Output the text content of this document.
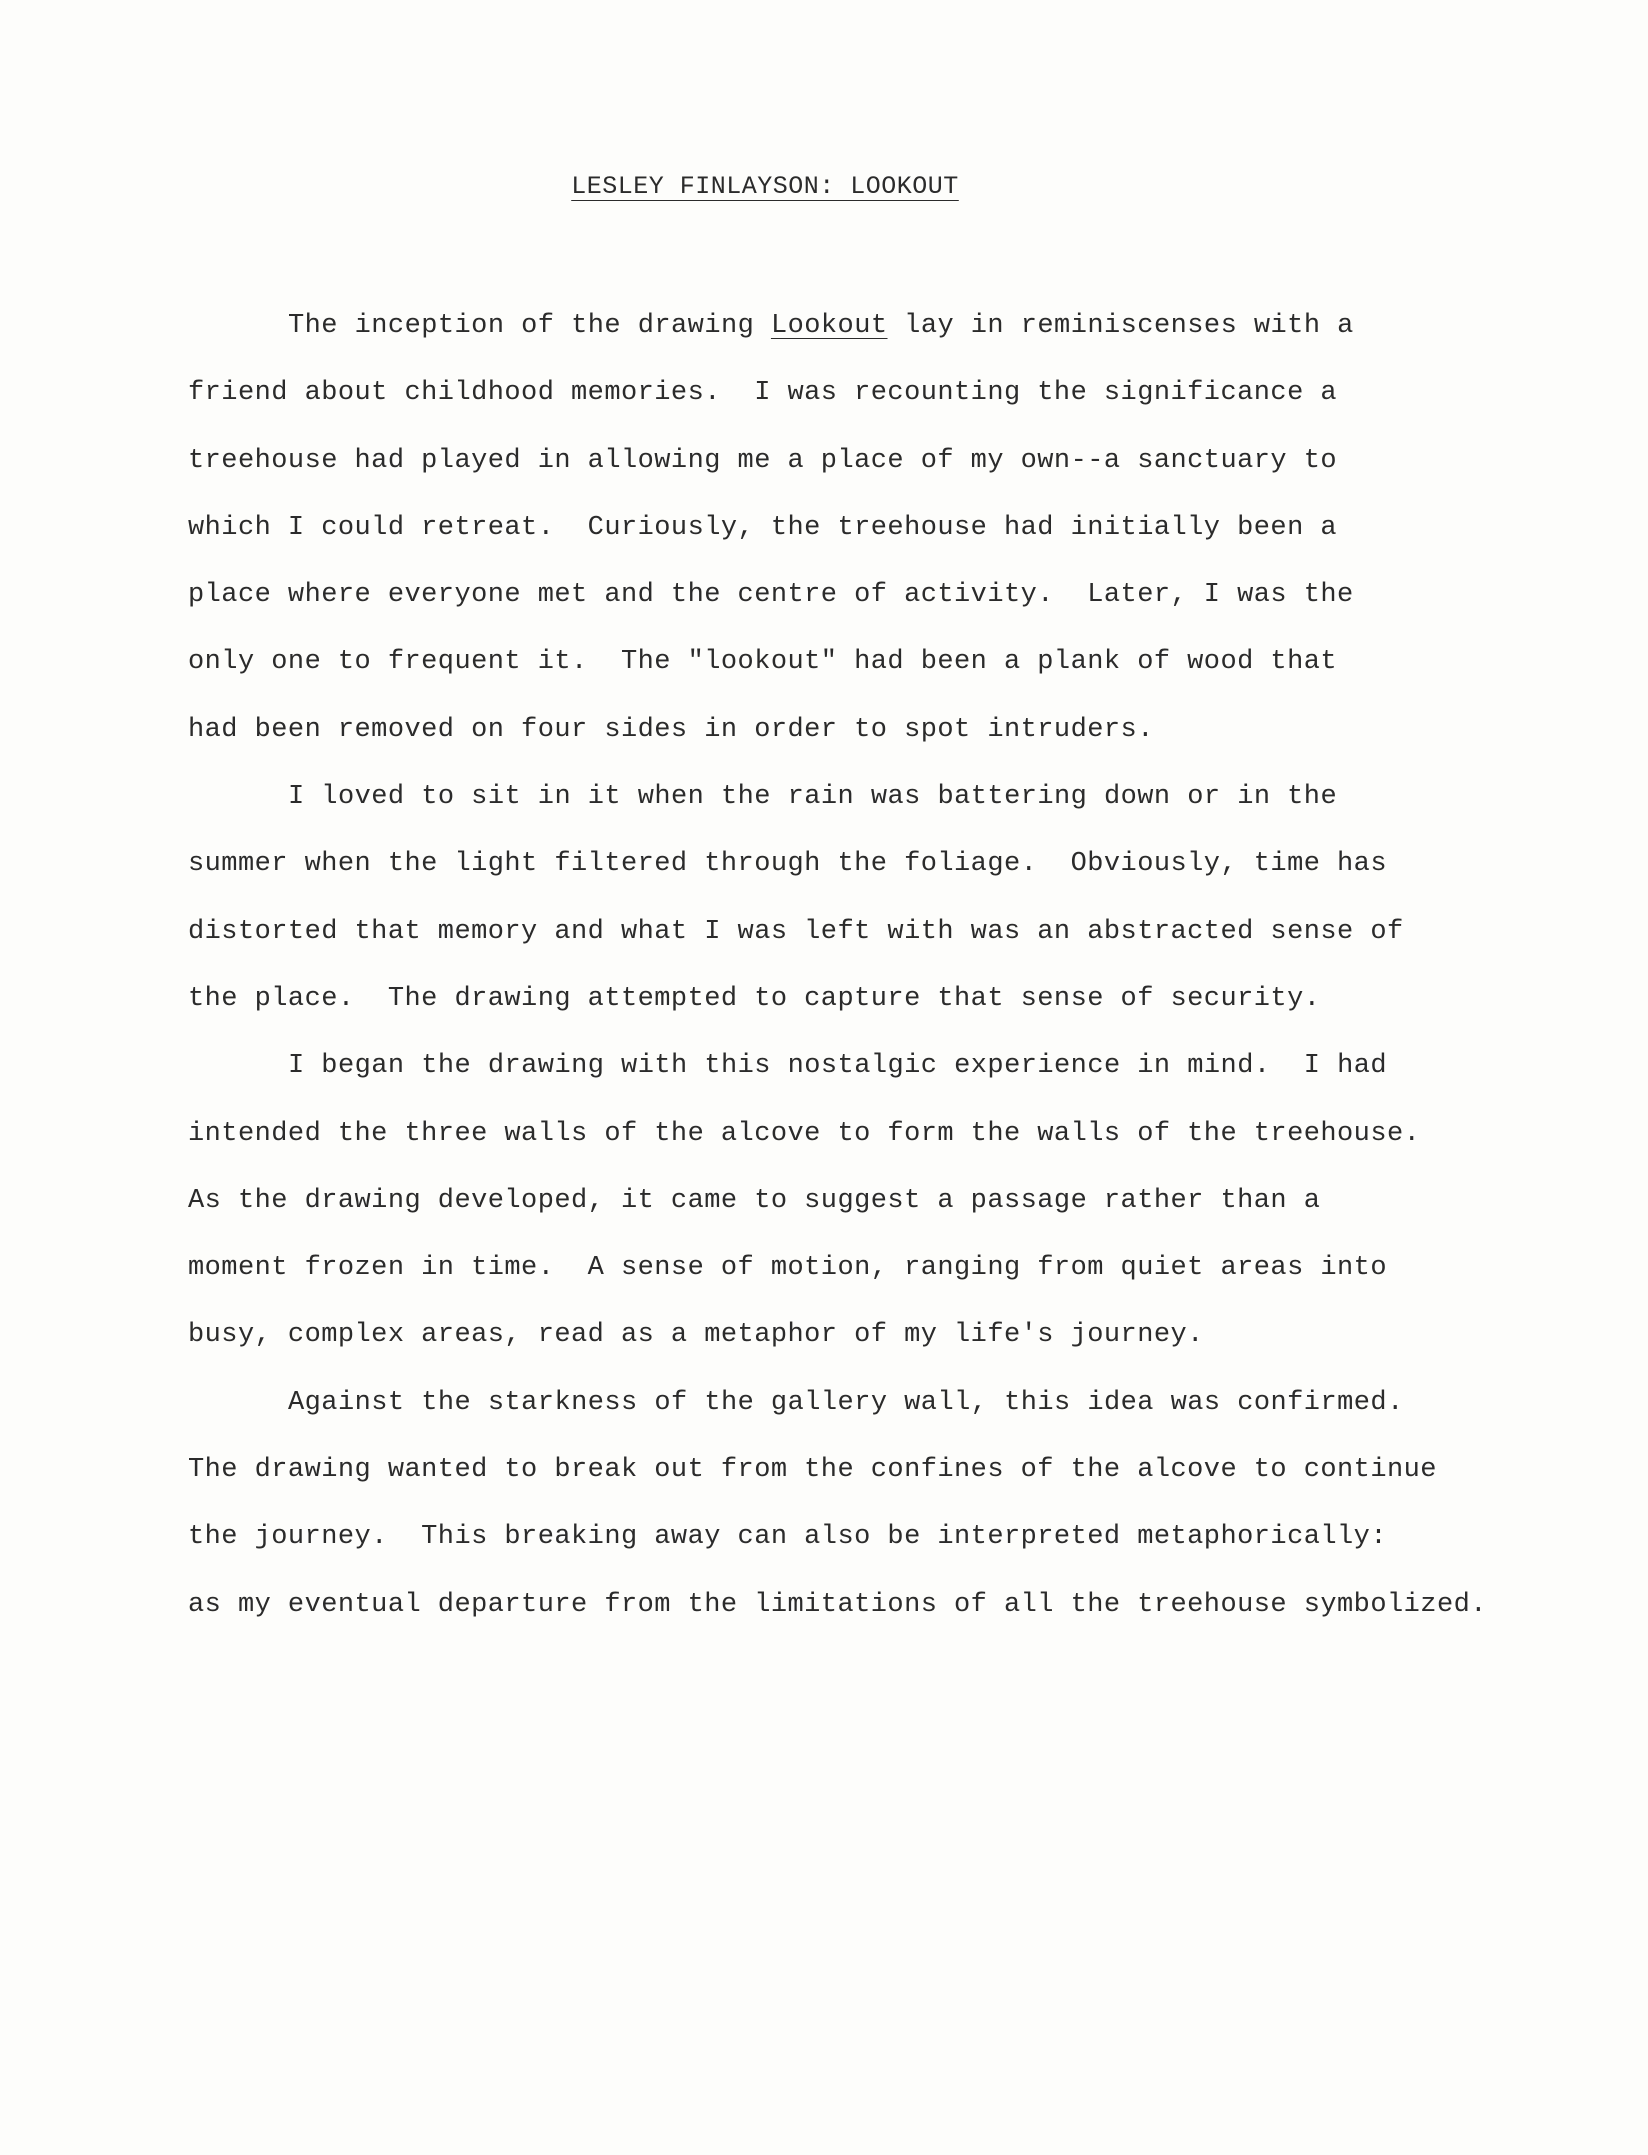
LESLEY FINLAYSON: LOOKOUT
The inception of the drawing Lookout lay in reminiscenses with a
friend about childhood memories.  I was recounting the significance a
treehouse had played in allowing me a place of my own--a sanctuary to
which I could retreat.  Curiously, the treehouse had initially been a
place where everyone met and the centre of activity.  Later, I was the
only one to frequent it.  The "lookout" had been a plank of wood that
had been removed on four sides in order to spot intruders.
I loved to sit in it when the rain was battering down or in the
summer when the light filtered through the foliage.  Obviously, time has
distorted that memory and what I was left with was an abstracted sense of
the place.  The drawing attempted to capture that sense of security.
I began the drawing with this nostalgic experience in mind.  I had
intended the three walls of the alcove to form the walls of the treehouse.
As the drawing developed, it came to suggest a passage rather than a
moment frozen in time.  A sense of motion, ranging from quiet areas into
busy, complex areas, read as a metaphor of my life's journey.
Against the starkness of the gallery wall, this idea was confirmed.
The drawing wanted to break out from the confines of the alcove to continue
the journey.  This breaking away can also be interpreted metaphorically:
as my eventual departure from the limitations of all the treehouse symbolized.
